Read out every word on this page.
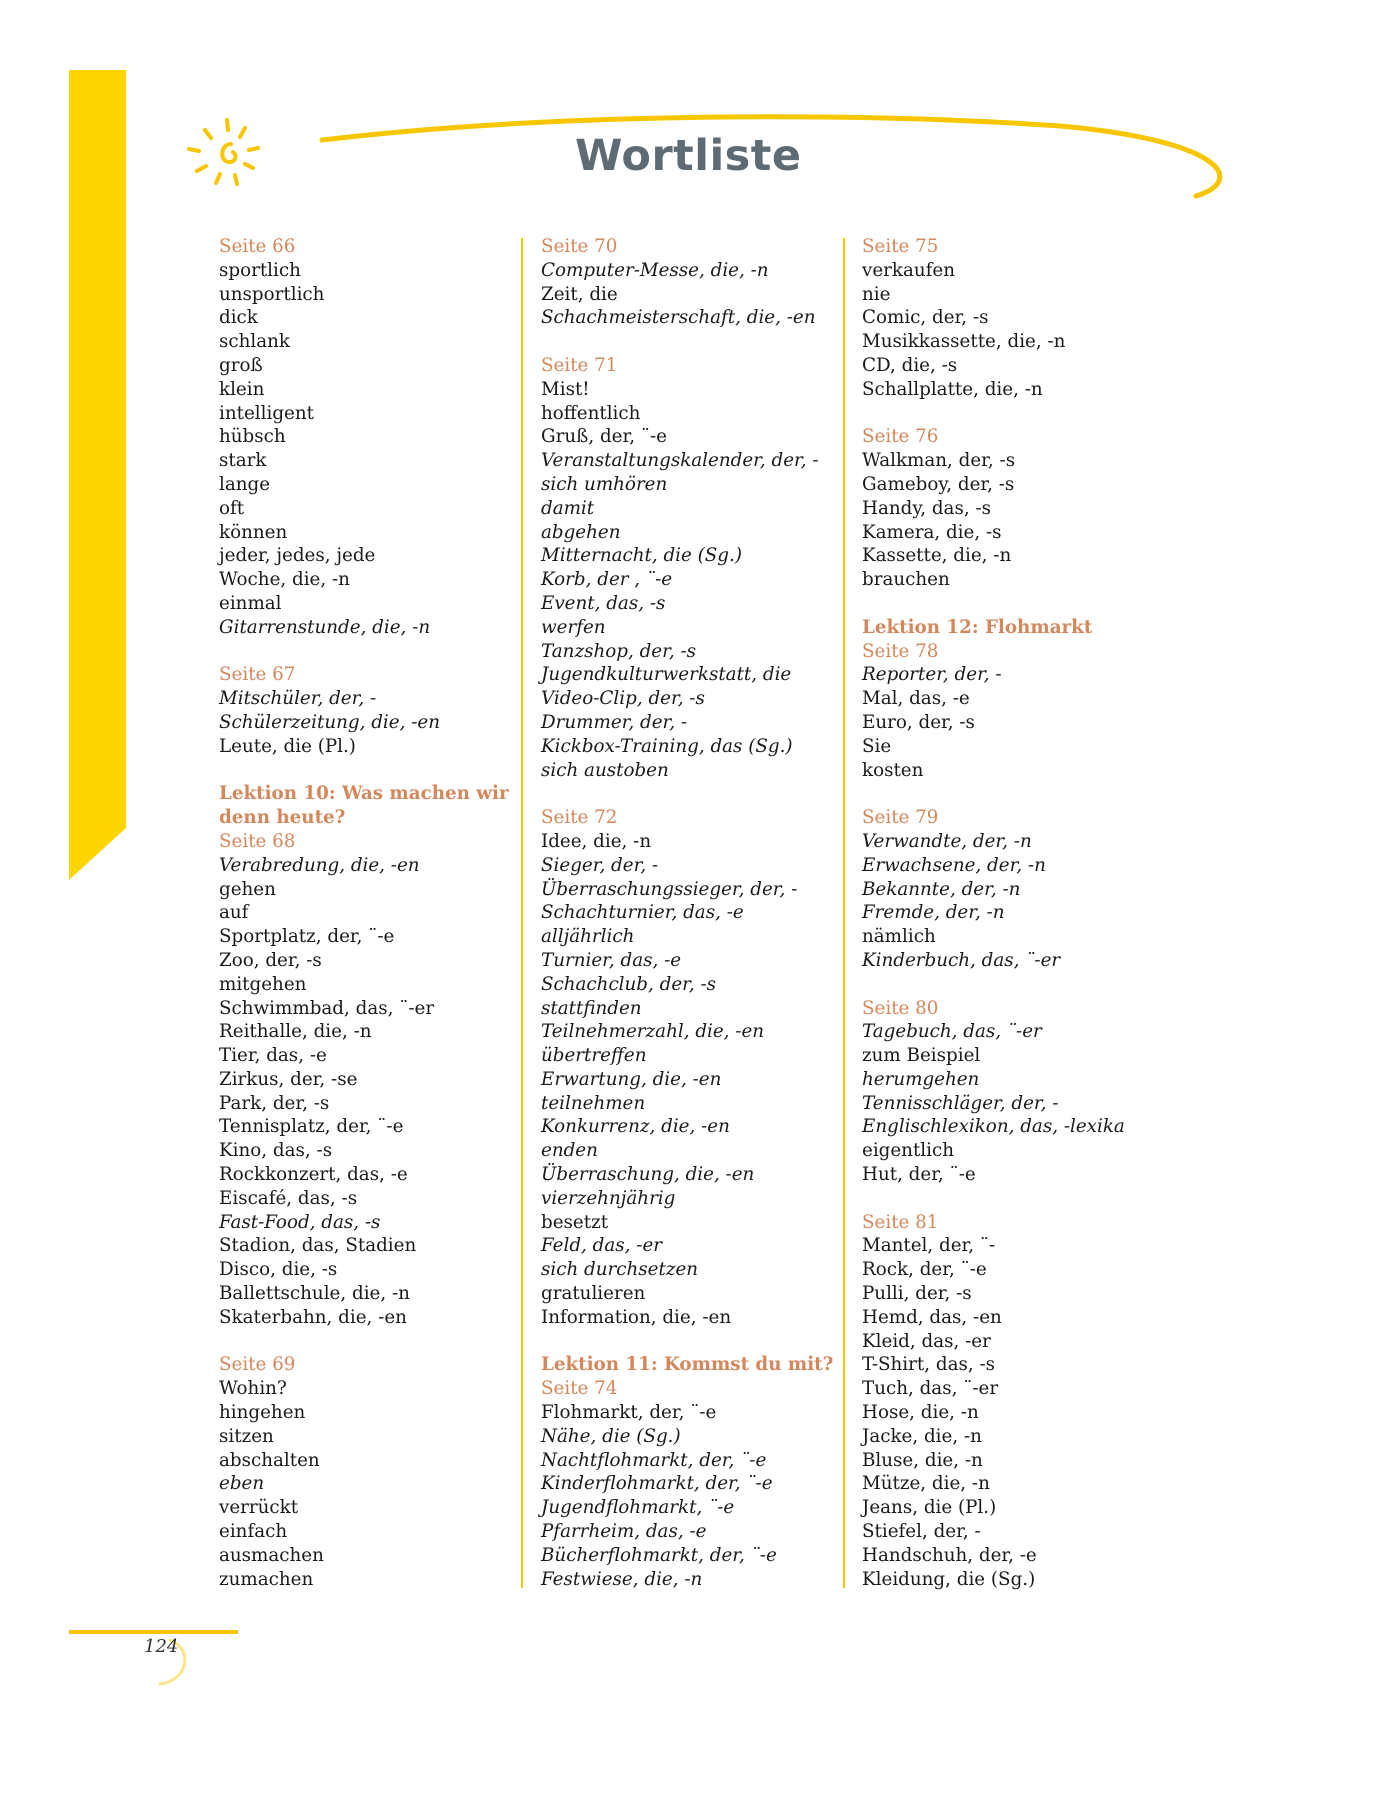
Wortliste
Seite 66
sportlich
unsportlich
dick
schlank
groß
klein
intelligent
hübsch
stark
lange
oft
können
jeder, jedes, jede
Woche, die, -n
einmal
Gitarrenstunde, die, -n
Seite 67
Mitschüler, der, -
Schülerzeitung, die, -en
Leute, die (Pl.)
Lektion 10: Was machen wir
denn heute?
Seite 68
Verabredung, die, -en
gehen
auf
Sportplatz, der, ¨-e
Zoo, der, -s
mitgehen
Schwimmbad, das, ¨-er
Reithalle, die, -n
Tier, das, -e
Zirkus, der, -se
Park, der, -s
Tennisplatz, der, ¨-e
Kino, das, -s
Rockkonzert, das, -e
Eiscafé, das, -s
Fast-Food, das, -s
Stadion, das, Stadien
Disco, die, -s
Ballettschule, die, -n
Skaterbahn, die, -en
Seite 69
Wohin?
hingehen
sitzen
abschalten
eben
verrückt
einfach
ausmachen
zumachen
Seite 70
Computer-Messe, die, -n
Zeit, die
Schachmeisterschaft, die, -en
Seite 71
Mist!
hoffentlich
Gruß, der, ¨-e
Veranstaltungskalender, der, -
sich umhören
damit
abgehen
Mitternacht, die (Sg.)
Korb, der , ¨-e
Event, das, -s
werfen
Tanzshop, der, -s
Jugendkulturwerkstatt, die
Video-Clip, der, -s
Drummer, der, -
Kickbox-Training, das (Sg.)
sich austoben
Seite 72
Idee, die, -n
Sieger, der, -
Überraschungssieger, der, -
Schachturnier, das, -e
alljährlich
Turnier, das, -e
Schachclub, der, -s
stattfinden
Teilnehmerzahl, die, -en
übertreffen
Erwartung, die, -en
teilnehmen
Konkurrenz, die, -en
enden
Überraschung, die, -en
vierzehnjährig
besetzt
Feld, das, -er
sich durchsetzen
gratulieren
Information, die, -en
Lektion 11: Kommst du mit?
Seite 74
Flohmarkt, der, ¨-e
Nähe, die (Sg.)
Nachtflohmarkt, der, ¨-e
Kinderflohmarkt, der, ¨-e
Jugendflohmarkt, ¨-e
Pfarrheim, das, -e
Bücherflohmarkt, der, ¨-e
Festwiese, die, -n
Seite 75
verkaufen
nie
Comic, der, -s
Musikkassette, die, -n
CD, die, -s
Schallplatte, die, -n
Seite 76
Walkman, der, -s
Gameboy, der, -s
Handy, das, -s
Kamera, die, -s
Kassette, die, -n
brauchen
Lektion 12: Flohmarkt
Seite 78
Reporter, der, -
Mal, das, -e
Euro, der, -s
Sie
kosten
Seite 79
Verwandte, der, -n
Erwachsene, der, -n
Bekannte, der, -n
Fremde, der, -n
nämlich
Kinderbuch, das, ¨-er
Seite 80
Tagebuch, das, ¨-er
zum Beispiel
herumgehen
Tennisschläger, der, -
Englischlexikon, das, -lexika
eigentlich
Hut, der, ¨-e
Seite 81
Mantel, der, ¨-
Rock, der, ¨-e
Pulli, der, -s
Hemd, das, -en
Kleid, das, -er
T-Shirt, das, -s
Tuch, das, ¨-er
Hose, die, -n
Jacke, die, -n
Bluse, die, -n
Mütze, die, -n
Jeans, die (Pl.)
Stiefel, der, -
Handschuh, der, -e
Kleidung, die (Sg.)
124
